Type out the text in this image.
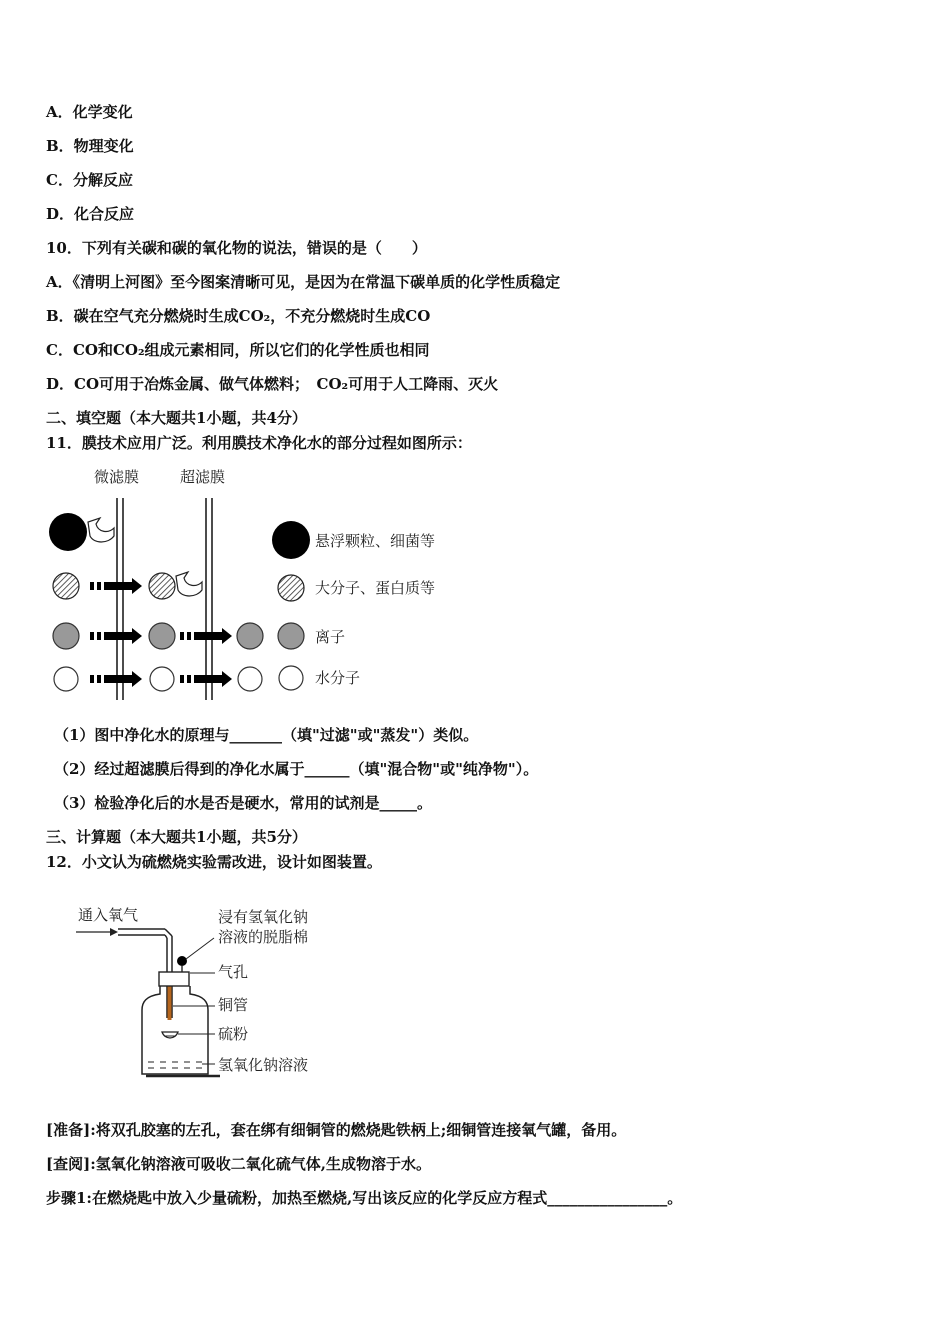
A．化学变化
B．物理变化
C．分解反应
D．化合反应
10．下列有关碳和碳的氧化物的说法，错误的是（　　）
A．《清明上河图》至今图案清晰可见，是因为在常温下碳单质的化学性质稳定
B．碳在空气充分燃烧时生成CO₂，不充分燃烧时生成CO
C．CO和CO₂组成元素相同，所以它们的化学性质也相同
D．CO可用于冶炼金属、做气体燃料；　CO₂可用于人工降雨、灭火
二、填空题（本大题共1小题，共4分）
11．膜技术应用广泛。利用膜技术净化水的部分过程如图所示：
微滤膜	超滤膜
悬浮颗粒、细菌等
大分子、蛋白质等
离子
水分子
（1）图中净化水的原理与_______（填"过滤"或"蒸发"）类似。
（2）经过超滤膜后得到的净化水属于______（填"混合物"或"纯净物"）。
（3）检验净化后的水是否是硬水，常用的试剂是_____。
三、计算题（本大题共1小题，共5分）
12．小文认为硫燃烧实验需改进，设计如图装置。
通入氧气	浸有氢氧化钠
溶液的脱脂棉
气孔
铜管
硫粉
氢氧化钠溶液
[准备]:将双孔胶塞的左孔，套在绑有细铜管的燃烧匙铁柄上;细铜管连接氧气罐，备用。
[查阅]:氢氧化钠溶液可吸收二氧化硫气体,生成物溶于水。
步骤1:在燃烧匙中放入少量硫粉，加热至燃烧,写出该反应的化学反应方程式________________。
